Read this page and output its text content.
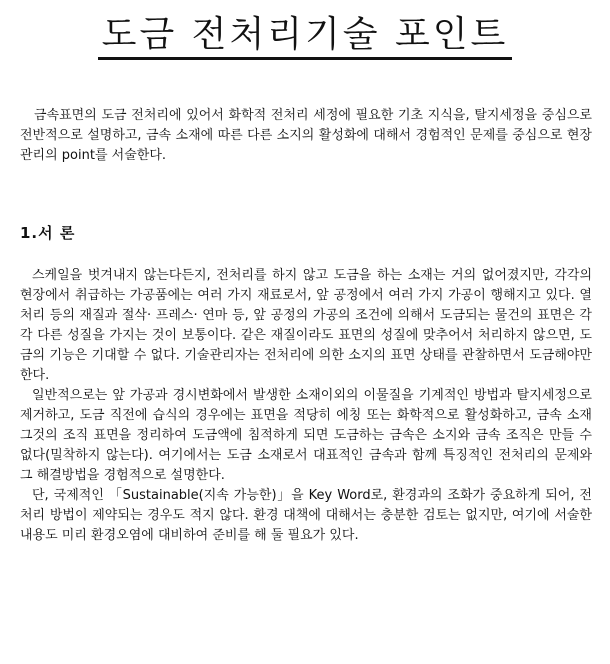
도금 전처리기술 포인트

금속표면의 도금 전처리에 있어서 화학적 전처리 세정에 필요한 기초 지식을, 탈지세정을 중심으로 전반적으로 설명하고, 금속 소재에 따른 다른 소지의 활성화에 대해서 경험적인 문제를 중심으로 현장관리의 point를 서술한다.

1.서 론

스케일을 벗겨내지 않는다든지, 전처리를 하지 않고 도금을 하는 소재는 거의 없어졌지만, 각각의 현장에서 취급하는 가공품에는 여러 가지 재료로서, 앞 공정에서 여러 가지 가공이 행해지고 있다. 열처리 등의 재질과 절삭· 프레스· 연마 등, 앞 공정의 가공의 조건에 의해서 도금되는 물건의 표면은 각각 다른 성질을 가지는 것이 보통이다. 같은 재질이라도 표면의 성질에 맞추어서 처리하지 않으면, 도금의 기능은 기대할 수 없다. 기술관리자는 전처리에 의한 소지의 표면 상태를 관찰하면서 도금해야만 한다.

일반적으로는 앞 가공과 경시변화에서 발생한 소재이외의 이물질을 기계적인 방법과 탈지세정으로 제거하고, 도금 직전에 습식의 경우에는 표면을 적당히 에칭 또는 화학적으로 활성화하고, 금속 소재 그것의 조직 표면을 정리하여 도금액에 침적하게 되면 도금하는 금속은 소지와 금속 조직은 만들 수 없다(밀착하지 않는다). 여기에서는 도금 소재로서 대표적인 금속과 함께 특징적인 전처리의 문제와 그 해결방법을 경험적으로 설명한다.

단, 국제적인 「Sustainable(지속 가능한)」을 Key Word로, 환경과의 조화가 중요하게 되어, 전처리 방법이 제약되는 경우도 적지 않다. 환경 대책에 대해서는 충분한 검토는 없지만, 여기에 서술한 내용도 미리 환경오염에 대비하여 준비를 해 둘 필요가 있다.
